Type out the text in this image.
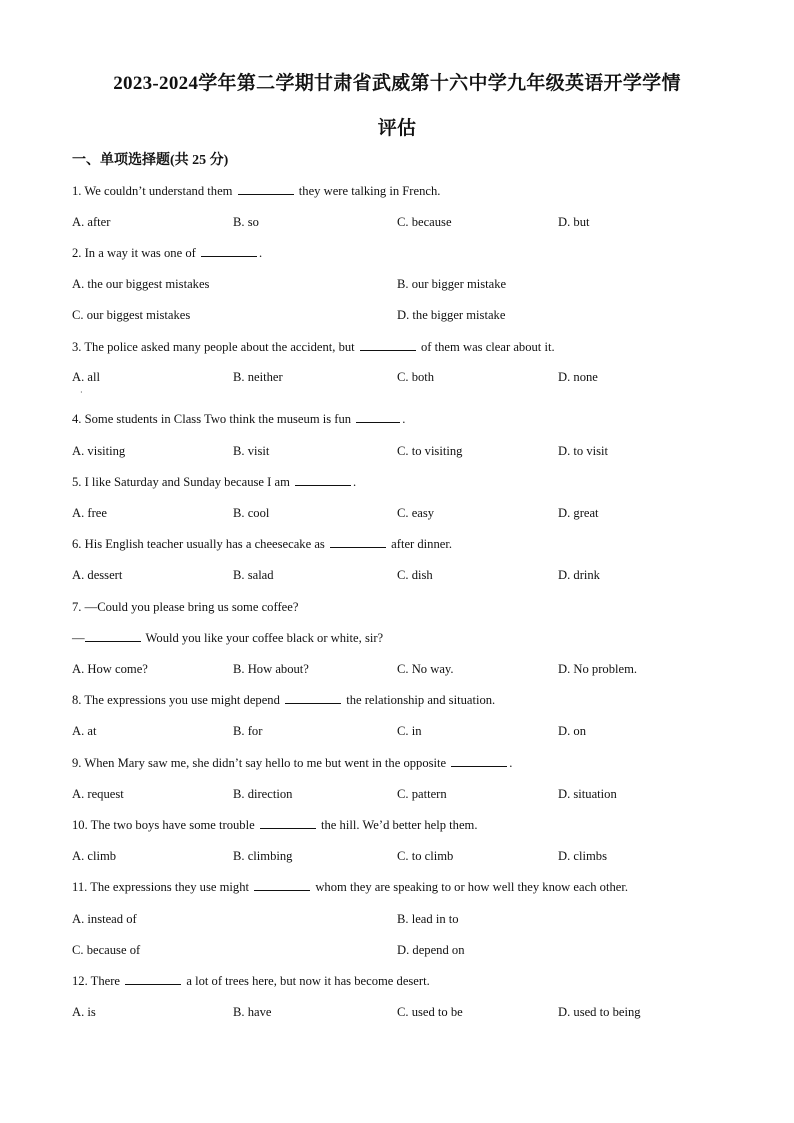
2023-2024学年第二学期甘肃省武威第十六中学九年级英语开学学情
评估
一、单项选择题(共 25 分)
1. We couldn’t understand them	they were talking in French.
A. after	B. so	C. because	D. but
2. In a way it was one of	.
A. the our biggest mistakes	B. our bigger mistake
C. our biggest mistakes	D. the bigger mistake
3. The police asked many people about the accident, but	of them was clear about it.
A. all	B. neither	C. both	D. none
·
4. Some students in Class Two think the museum is fun	.
A. visiting	B. visit	C. to visiting	D. to visit
5. I like Saturday and Sunday because I am	.
A. free	B. cool	C. easy	D. great
6. His English teacher usually has a cheesecake as	after dinner.
A. dessert	B. salad	C. dish	D. drink
7. —Could you please bring us some coffee?
—	Would you like your coffee black or white, sir?
A. How come?	B. How about?	C. No way.	D. No problem.
8. The expressions you use might depend	the relationship and situation.
A. at	B. for	C. in	D. on
9. When Mary saw me, she didn’t say hello to me but went in the opposite	.
A. request	B. direction	C. pattern	D. situation
10. The two boys have some trouble	the hill. We’d better help them.
A. climb	B. climbing	C. to climb	D. climbs
11. The expressions they use might	whom they are speaking to or how well they know each other.
A. instead of	B. lead in to
C. because of	D. depend on
12. There	a lot of trees here, but now it has become desert.
A. is	B. have	C. used to be	D. used to being
